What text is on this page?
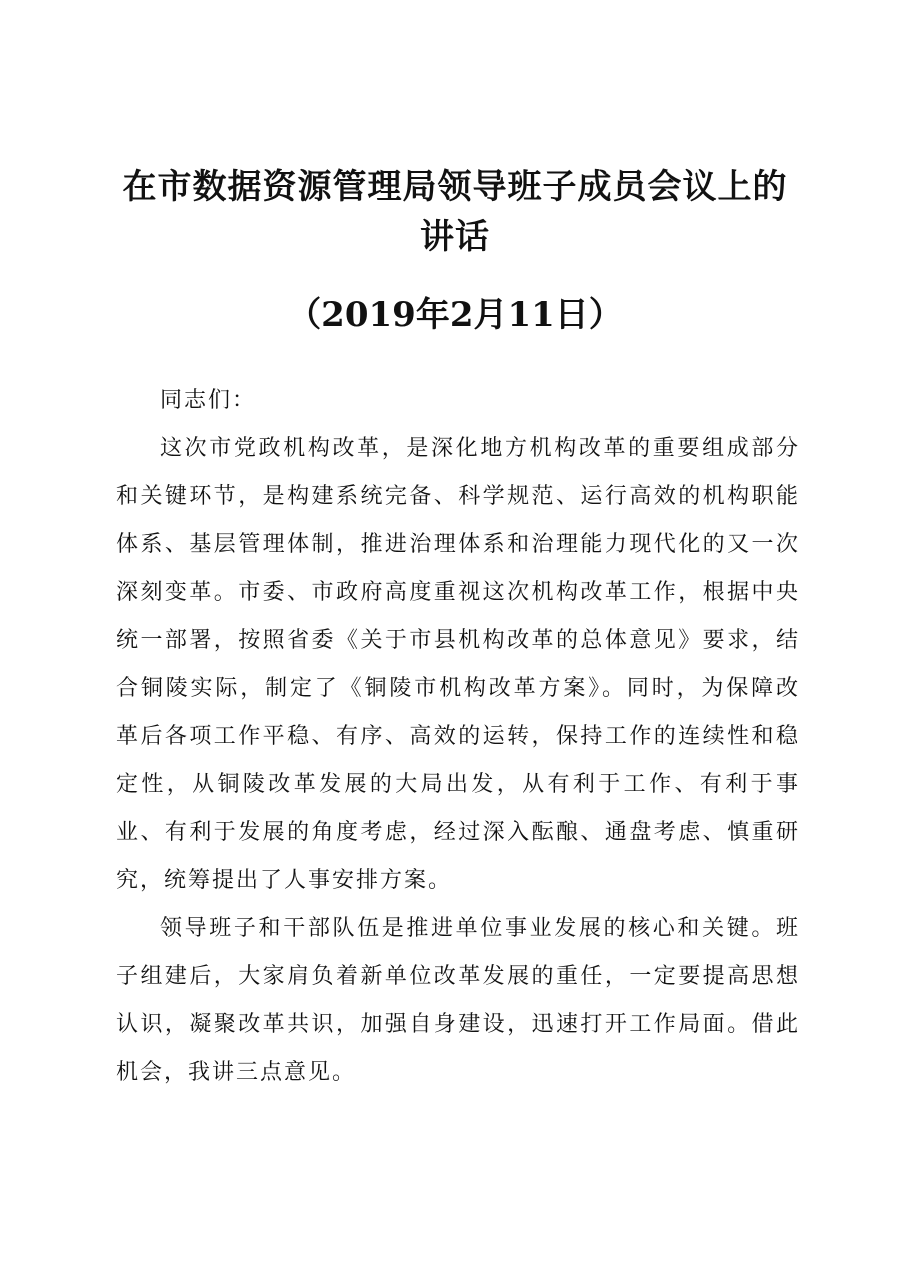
在市数据资源管理局领导班子成员会议上的讲话
（2019年2月11日）

同志们：

这次市党政机构改革，是深化地方机构改革的重要组成部分和关键环节，是构建系统完备、科学规范、运行高效的机构职能体系、基层管理体制，推进治理体系和治理能力现代化的又一次深刻变革。市委、市政府高度重视这次机构改革工作，根据中央统一部署，按照省委《关于市县机构改革的总体意见》要求，结合铜陵实际，制定了《铜陵市机构改革方案》。同时，为保障改革后各项工作平稳、有序、高效的运转，保持工作的连续性和稳定性，从铜陵改革发展的大局出发，从有利于工作、有利于事业、有利于发展的角度考虑，经过深入酝酿、通盘考虑、慎重研究，统筹提出了人事安排方案。

领导班子和干部队伍是推进单位事业发展的核心和关键。班子组建后，大家肩负着新单位改革发展的重任，一定要提高思想认识，凝聚改革共识，加强自身建设，迅速打开工作局面。借此机会，我讲三点意见。
